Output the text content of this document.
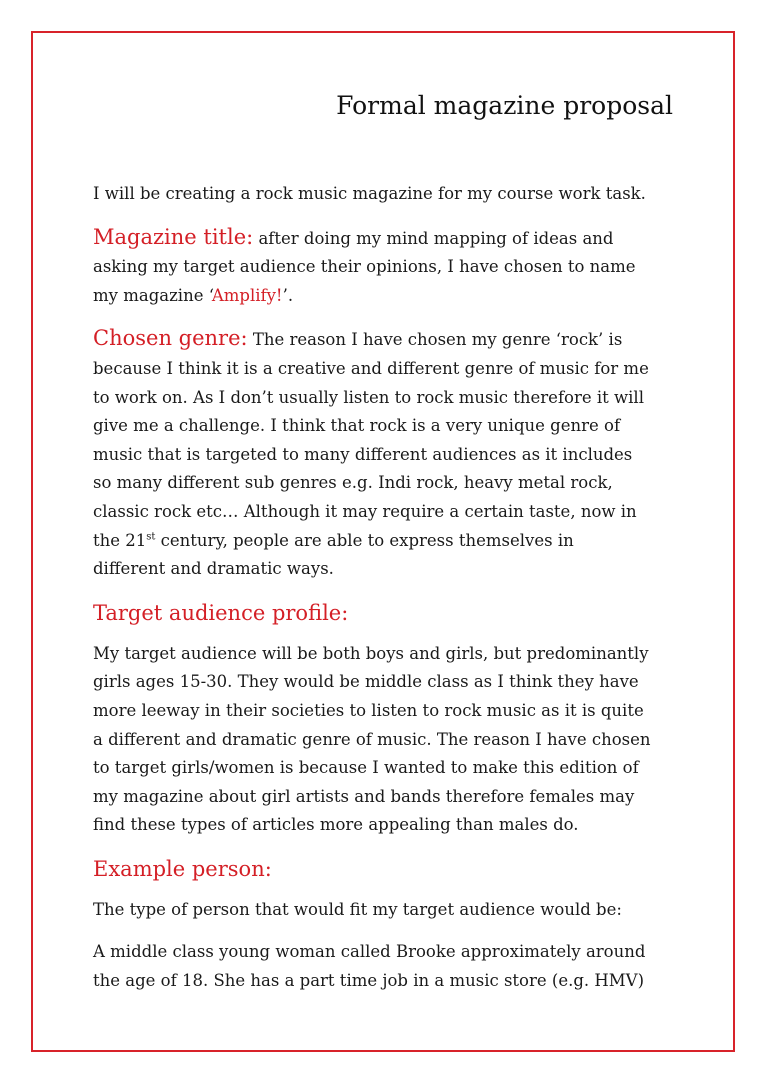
Formal magazine proposal

I will be creating a rock music magazine for my course work task.

Magazine title: after doing my mind mapping of ideas and
asking my target audience their opinions, I have chosen to name
my magazine ‘Amplify!’.

Chosen genre: The reason I have chosen my genre ‘rock’ is
because I think it is a creative and different genre of music for me
to work on. As I don’t usually listen to rock music therefore it will
give me a challenge. I think that rock is a very unique genre of
music that is targeted to many different audiences as it includes
so many different sub genres e.g. Indi rock, heavy metal rock,
classic rock etc… Although it may require a certain taste, now in
the 21st century, people are able to express themselves in
different and dramatic ways.

Target audience profile:

My target audience will be both boys and girls, but predominantly
girls ages 15-30. They would be middle class as I think they have
more leeway in their societies to listen to rock music as it is quite
a different and dramatic genre of music. The reason I have chosen
to target girls/women is because I wanted to make this edition of
my magazine about girl artists and bands therefore females may
find these types of articles more appealing than males do.

Example person:

The type of person that would fit my target audience would be:

A middle class young woman called Brooke approximately around
the age of 18. She has a part time job in a music store (e.g. HMV)
